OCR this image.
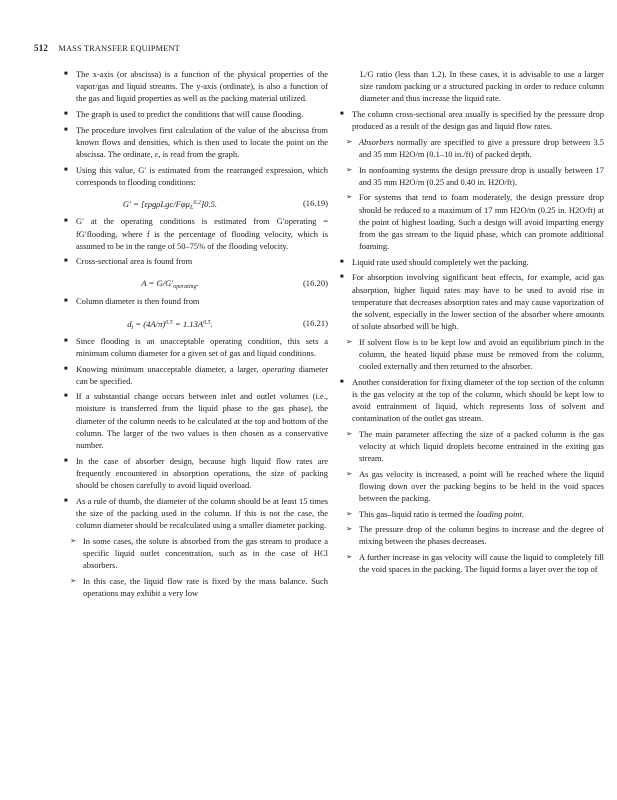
512 MASS TRANSFER EQUIPMENT
■ The x-axis (or abscissa) is a function of the physical properties of the vapor/gas and liquid streams. The y-axis (ordinate), is also a function of the gas and liquid properties as well as the packing material utilized.
■ The graph is used to predict the conditions that will cause flooding.
■ The procedure involves first calculation of the value of the abscissa from known flows and densities, which is then used to locate the point on the abscissa. The ordinate, ε, is read from the graph.
■ Using this value, G′ is estimated from the rearranged expression, which corresponds to flooding conditions:
G′ = [ερgρLgc/Fφμ$_L^{0.2}$]0.5.	(16.19)
■ G′ at the operating conditions is estimated from G′operating = fG′flooding, where f is the percentage of flooding velocity, which is assumed to be in the range of 50–75% of the flooding velocity.
■ Cross-sectional area is found from
$A = G/G'_{operating}$.	(16.20)
■ Column diameter is then found from
$d_t = (4A/\pi)^{0.5} = 1.13A^{0.5}$.	(16.21)
■ Since flooding is an unacceptable operating condition, this sets a minimum column diameter for a given set of gas and liquid conditions.
■ Knowing minimum unacceptable diameter, a larger, operating diameter can be specified.
■ If a substantial change occurs between inlet and outlet volumes (i.e., moisture is transferred from the liquid phase to the gas phase), the diameter of the column needs to be calculated at the top and bottom of the column. The larger of the two values is then chosen as a conservative number.
■ In the case of absorber design, because high liquid flow rates are frequently encountered in absorption operations, the size of packing should be chosen carefully to avoid liquid overload.
■ As a rule of thumb, the diameter of the column should be at least 15 times the size of the packing used in the column. If this is not the case, the column diameter should be recalculated using a smaller diameter packing.
➢ In some cases, the solute is absorbed from the gas stream to produce a specific liquid outlet concentration, such as in the case of HCl absorbers.
➢ In this case, the liquid flow rate is fixed by the mass balance. Such operations may exhibit a very low

L/G ratio (less than 1.2). In these cases, it is advisable to use a larger size random packing or a structured packing in order to reduce column diameter and thus increase the liquid rate.

■ The column cross-sectional area usually is specified by the pressure drop produced as a result of the design gas and liquid flow rates.
➢ Absorbers normally are specified to give a pressure drop between 3.5 and 35 mm H2O/m (0.1–10 in./ft) of packed depth.
➢ In nonfoaming systems the design pressure drop is usually between 17 and 35 mm H2O/m (0.25 and 0.40 in. H2O/ft).
➢ For systems that tend to foam moderately, the design pressure drop should be reduced to a maximum of 17 mm H2O/m (0.25 in. H2O/ft) at the point of highest loading. Such a design will avoid imparting energy from the gas stream to the liquid phase, which can promote additional foaming.
■ Liquid rate used should completely wet the packing.
■ For absorption involving significant heat effects, for example, acid gas absorption, higher liquid rates may have to be used to avoid rise in temperature that decreases absorption rates and may cause vaporization of the solvent, especially in the lower section of the absorber where amounts of solute absorbed will be high.
➢ If solvent flow is to be kept low and avoid an equilibrium pinch in the column, the heated liquid phase must be removed from the column, cooled externally and then returned to the absorber.
■ Another consideration for fixing diameter of the top section of the column is the gas velocity at the top of the column, which should be kept low to avoid entrainment of liquid, which represents loss of solvent and contamination of the outlet gas stream.
➢ The main parameter affecting the size of a packed column is the gas velocity at which liquid droplets become entrained in the exiting gas stream.
➢ As gas velocity is increased, a point will be reached where the liquid flowing down over the packing begins to be held in the void spaces between the packing.
➢ This gas–liquid ratio is termed the loading point.
➢ The pressure drop of the column begins to increase and the degree of mixing between the phases decreases.
➢ A further increase in gas velocity will cause the liquid to completely fill the void spaces in the packing. The liquid forms a layer over the top of
